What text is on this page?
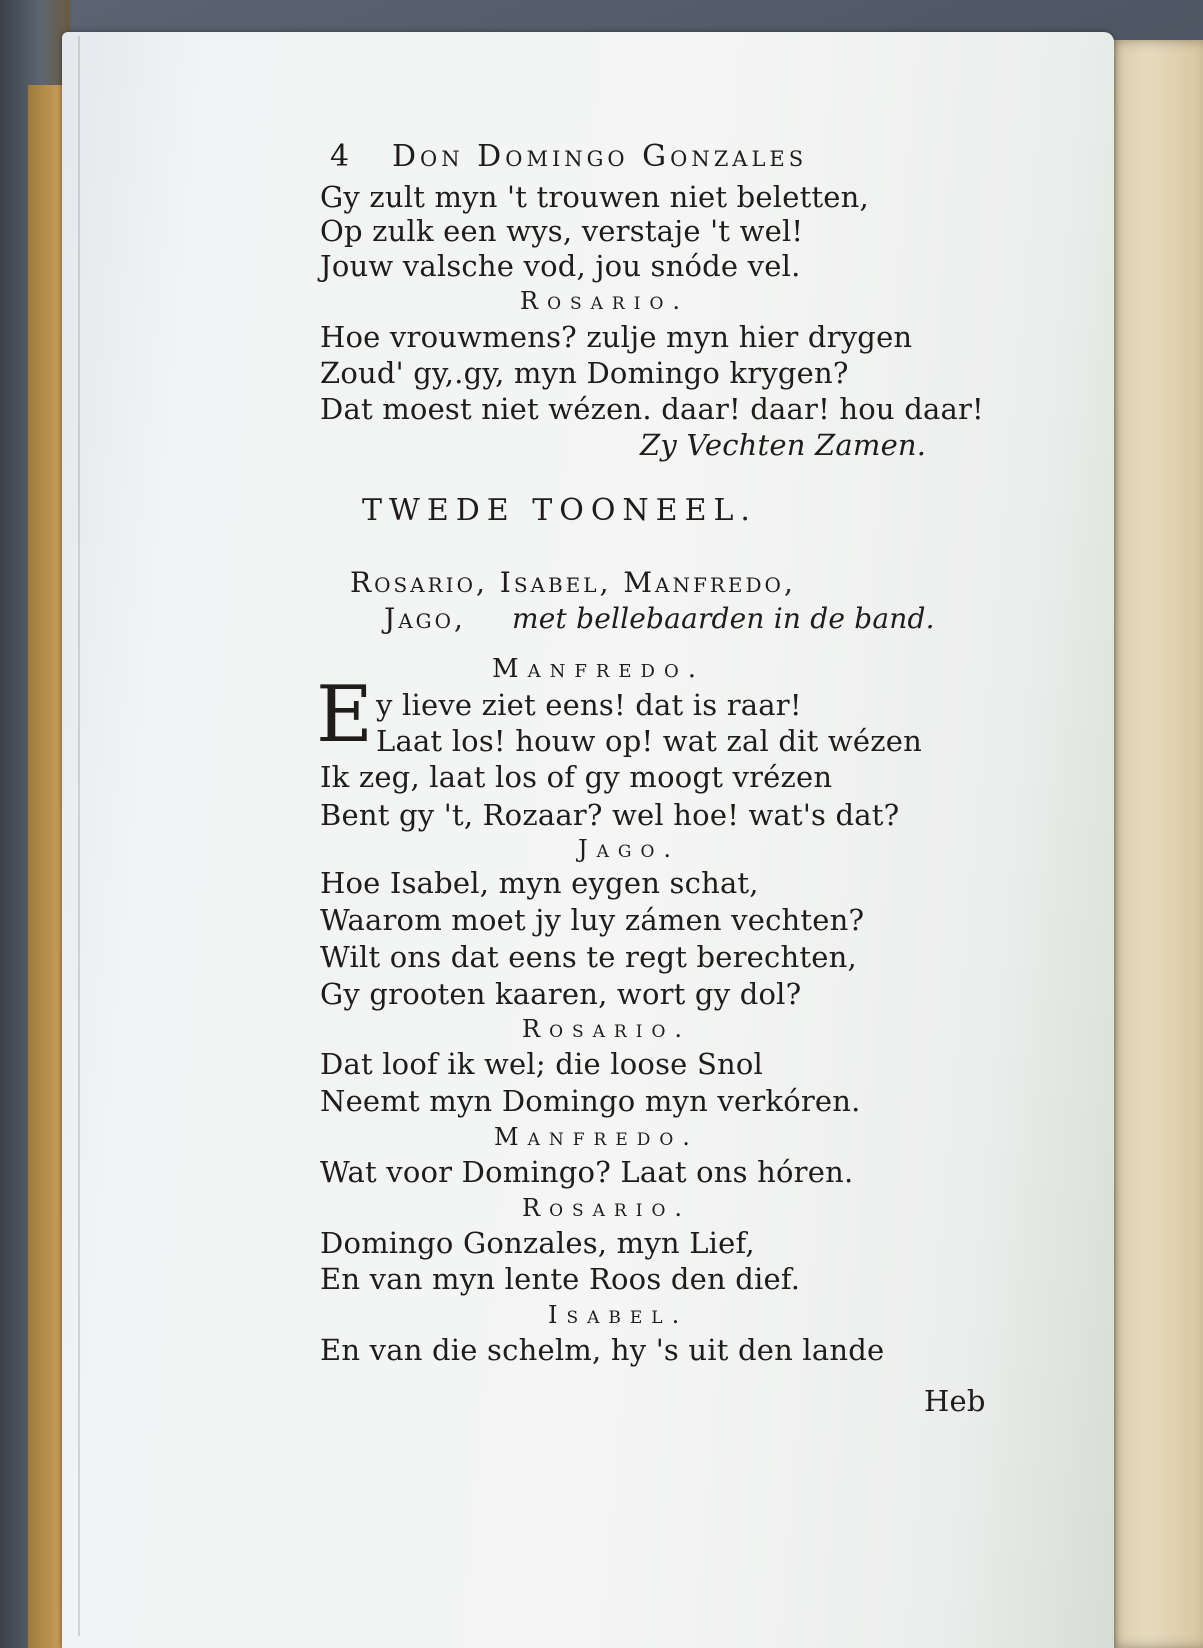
4 Don Domingo Gonzales
Gy zult myn 't trouwen niet beletten,
Op zulk een wys, verstaje 't wel!
Jouw valsche vod, jou snóde vel.
Rosario.
Hoe vrouwmens? zulje myn hier drygen
Zoud' gy,.gy, myn Domingo krygen?
Dat moest niet wézen. daar! daar! hou daar!
Zy Vechten Zamen.
TWEDE TOONEEL.
Rosario, Isabel, Manfredo,
Jago, met bellebaarden in de band.
Manfredo.
E y lieve ziet eens! dat is raar!
Laat los! houw op! wat zal dit wézen
Ik zeg, laat los of gy moogt vrézen
Bent gy 't, Rozaar? wel hoe! wat's dat?
Jago.
Hoe Isabel, myn eygen schat,
Waarom moet jy luy zámen vechten?
Wilt ons dat eens te regt berechten,
Gy grooten kaaren, wort gy dol?
Rosario.
Dat loof ik wel; die loose Snol
Neemt myn Domingo myn verkóren.
Manfredo.
Wat voor Domingo? Laat ons hóren.
Rosario.
Domingo Gonzales, myn Lief,
En van myn lente Roos den dief.
Isabel.
En van die schelm, hy 's uit den lande
Heb
